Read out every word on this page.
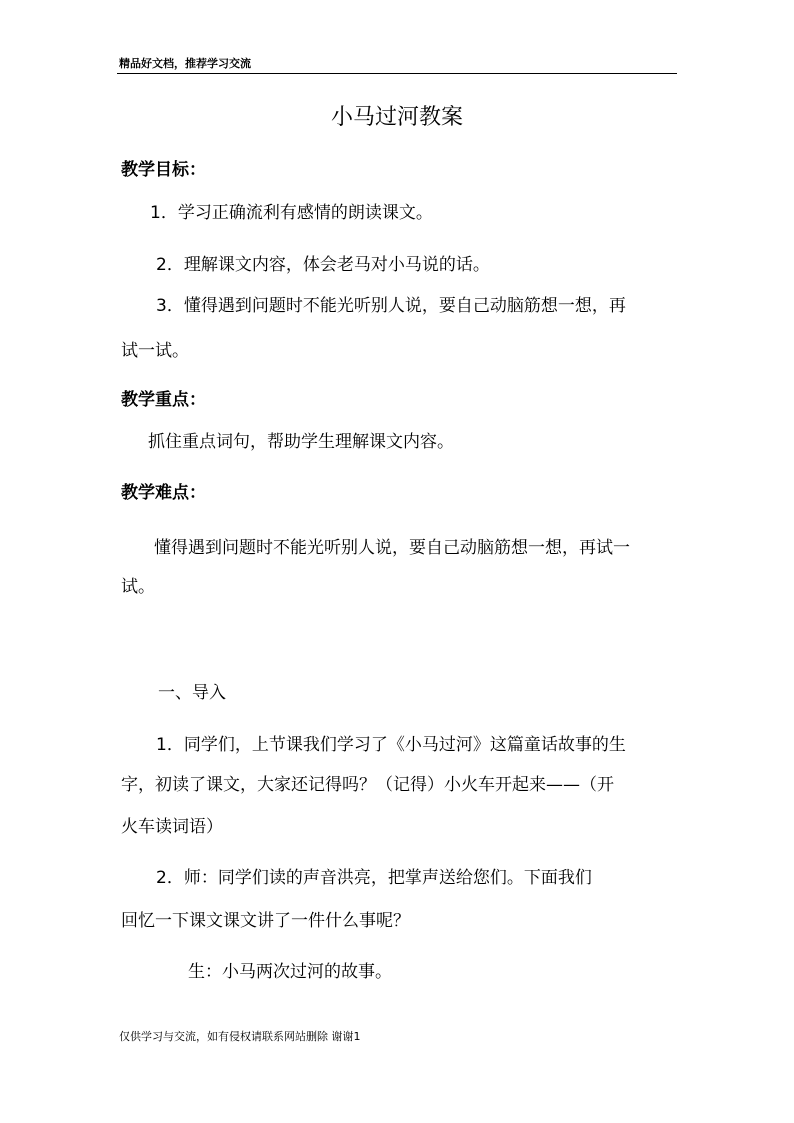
精品好文档，推荐学习交流
小马过河教案
教学目标：
1．学习正确流利有感情的朗读课文。
2．理解课文内容，体会老马对小马说的话。
3．懂得遇到问题时不能光听别人说，要自己动脑筋想一想，再
试一试。
教学重点：
抓住重点词句，帮助学生理解课文内容。
教学难点：
懂得遇到问题时不能光听别人说，要自己动脑筋想一想，再试一
试。
一、导入
1．同学们，上节课我们学习了《小马过河》这篇童话故事的生
字，初读了课文，大家还记得吗？（记得）小火车开起来——（开
火车读词语）
2．师：同学们读的声音洪亮，把掌声送给您们。下面我们
回忆一下课文课文讲了一件什么事呢？
生：小马两次过河的故事。
仅供学习与交流，如有侵权请联系网站删除 谢谢1
